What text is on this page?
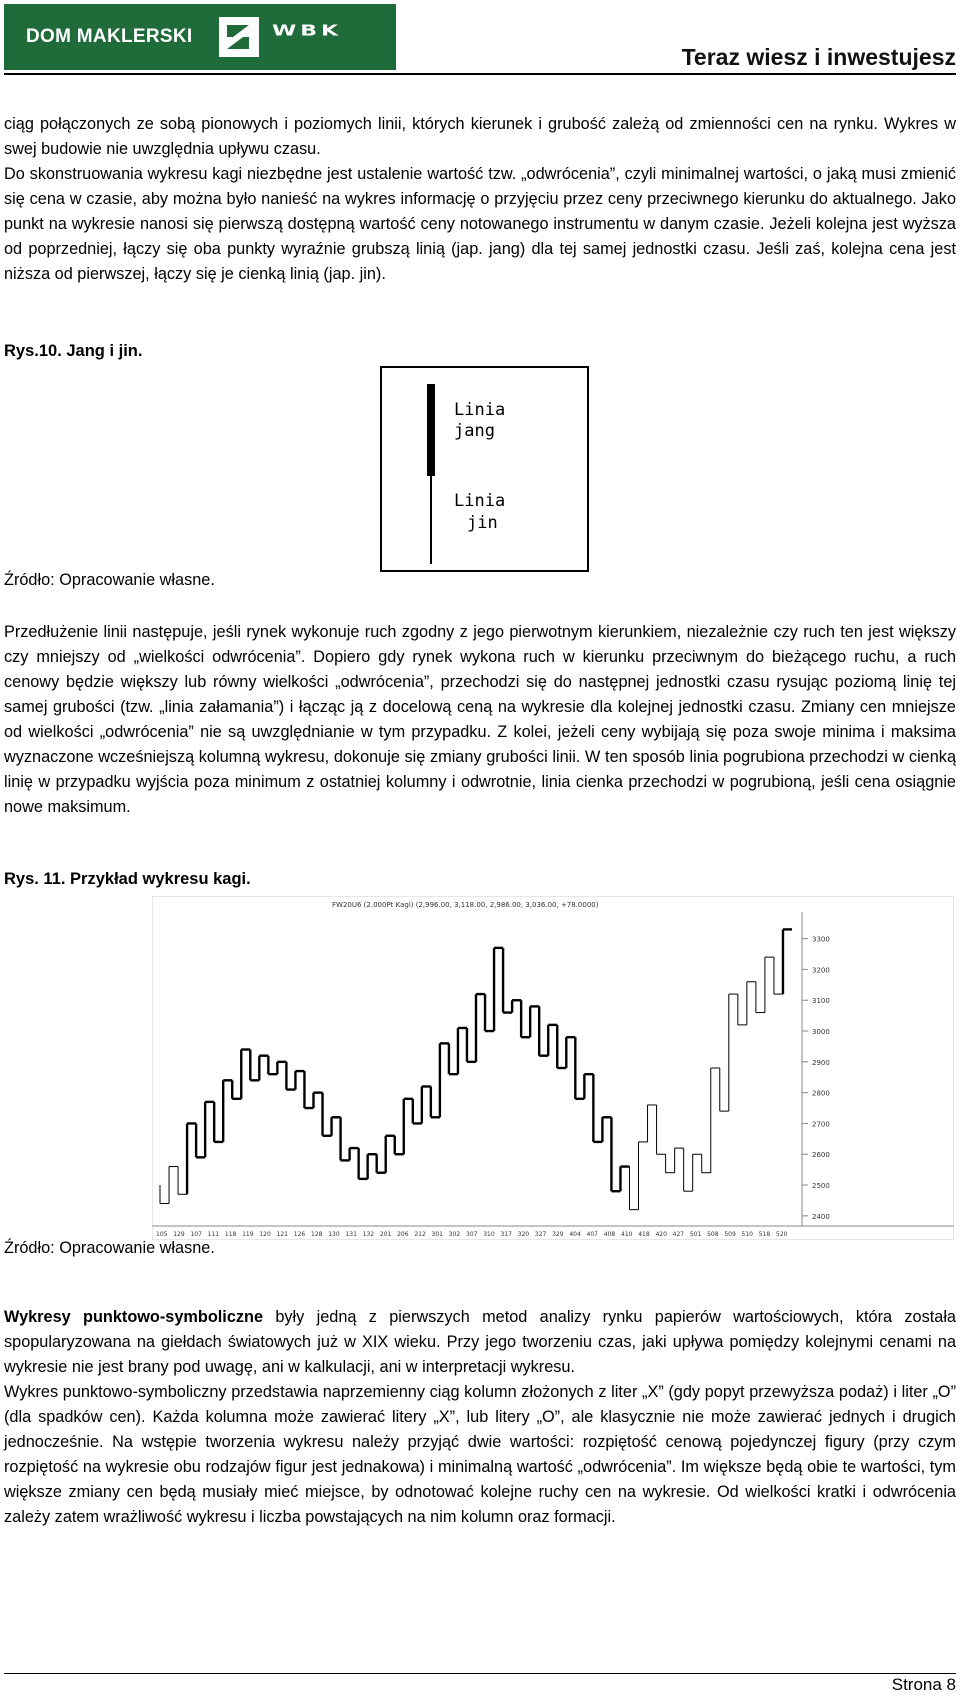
DOM MAKLERSKI	WBK
Teraz wiesz i inwestujesz

ciąg połączonych ze sobą pionowych i poziomych linii, których kierunek i grubość zależą od zmienności cen na rynku. Wykres w swej budowie nie uwzględnia upływu czasu.

Do skonstruowania wykresu kagi niezbędne jest ustalenie wartość tzw. „odwrócenia”, czyli minimalnej wartości, o jaką musi zmienić się cena w czasie, aby można było nanieść na wykres informację o przyjęciu przez ceny przeciwnego kierunku do aktualnego. Jako punkt na wykresie nanosi się pierwszą dostępną wartość ceny notowanego instrumentu w danym czasie. Jeżeli kolejna jest wyższa od poprzedniej, łączy się oba punkty wyraźnie grubszą linią (jap. jang) dla tej samej jednostki czasu. Jeśli zaś, kolejna cena jest niższa od pierwszej, łączy się je cienką linią (jap. jin).

Rys.10. Jang i jin.
Linia
jang
Linia
jin
Źródło: Opracowanie własne.
Przedłużenie linii następuje, jeśli rynek wykonuje ruch zgodny z jego pierwotnym kierunkiem, niezależnie czy ruch ten jest większy czy mniejszy od „wielkości odwrócenia”. Dopiero gdy rynek wykona ruch w kierunku przeciwnym do bieżącego ruchu, a ruch cenowy będzie większy lub równy wielkości „odwrócenia”, przechodzi się do następnej jednostki czasu rysując poziomą linię tej samej grubości (tzw. „linia załamania”) i łącząc ją z docelową ceną na wykresie dla kolejnej jednostki czasu. Zmiany cen mniejsze od wielkości „odwrócenia” nie są uwzględnianie w tym przypadku. Z kolei, jeżeli ceny wybijają się poza swoje minima i maksima wyznaczone wcześniejszą kolumną wykresu, dokonuje się zmiany grubości linii. W ten sposób linia pogrubiona przechodzi w cienką linię w przypadku wyjścia poza minimum z ostatniej kolumny i odwrotnie, linia cienka przechodzi w pogrubioną, jeśli cena osiągnie nowe maksimum.
Rys. 11. Przykład wykresu kagi.
FW20U6 (2.000Pt Kagi) (2,996.00, 3,118.00, 2,986.00, 3,036.00, +78.0000)
2400
2500
2600
2700
2800
2900
3000
3100
3200
3300
105 129 107 111 118 119 120 121 126 128 130 131 132 201 206 212 301 302 307 310 317 320 327 329 404 407 408 410 418 420 427 501 508 509 510 518 520
Źródło: Opracowanie własne.

Wykresy punktowo-symboliczne były jedną z pierwszych metod analizy rynku papierów wartościowych, która została spopularyzowana na giełdach światowych już w XIX wieku. Przy jego tworzeniu czas, jaki upływa pomiędzy kolejnymi cenami na wykresie nie jest brany pod uwagę, ani w kalkulacji, ani w interpretacji wykresu.

Wykres punktowo-symboliczny przedstawia naprzemienny ciąg kolumn złożonych z liter „X” (gdy popyt przewyższa podaż) i liter „O” (dla spadków cen). Każda kolumna może zawierać litery „X”, lub litery „O”, ale klasycznie nie może zawierać jednych i drugich jednocześnie. Na wstępie tworzenia wykresu należy przyjąć dwie wartości: rozpiętość cenową pojedynczej figury (przy czym rozpiętość na wykresie obu rodzajów figur jest jednakowa) i minimalną wartość „odwrócenia”. Im większe będą obie te wartości, tym większe zmiany cen będą musiały mieć miejsce, by odnotować kolejne ruchy cen na wykresie. Od wielkości kratki i odwrócenia zależy zatem wrażliwość wykresu i liczba powstających na nim kolumn oraz formacji.

Strona 8
